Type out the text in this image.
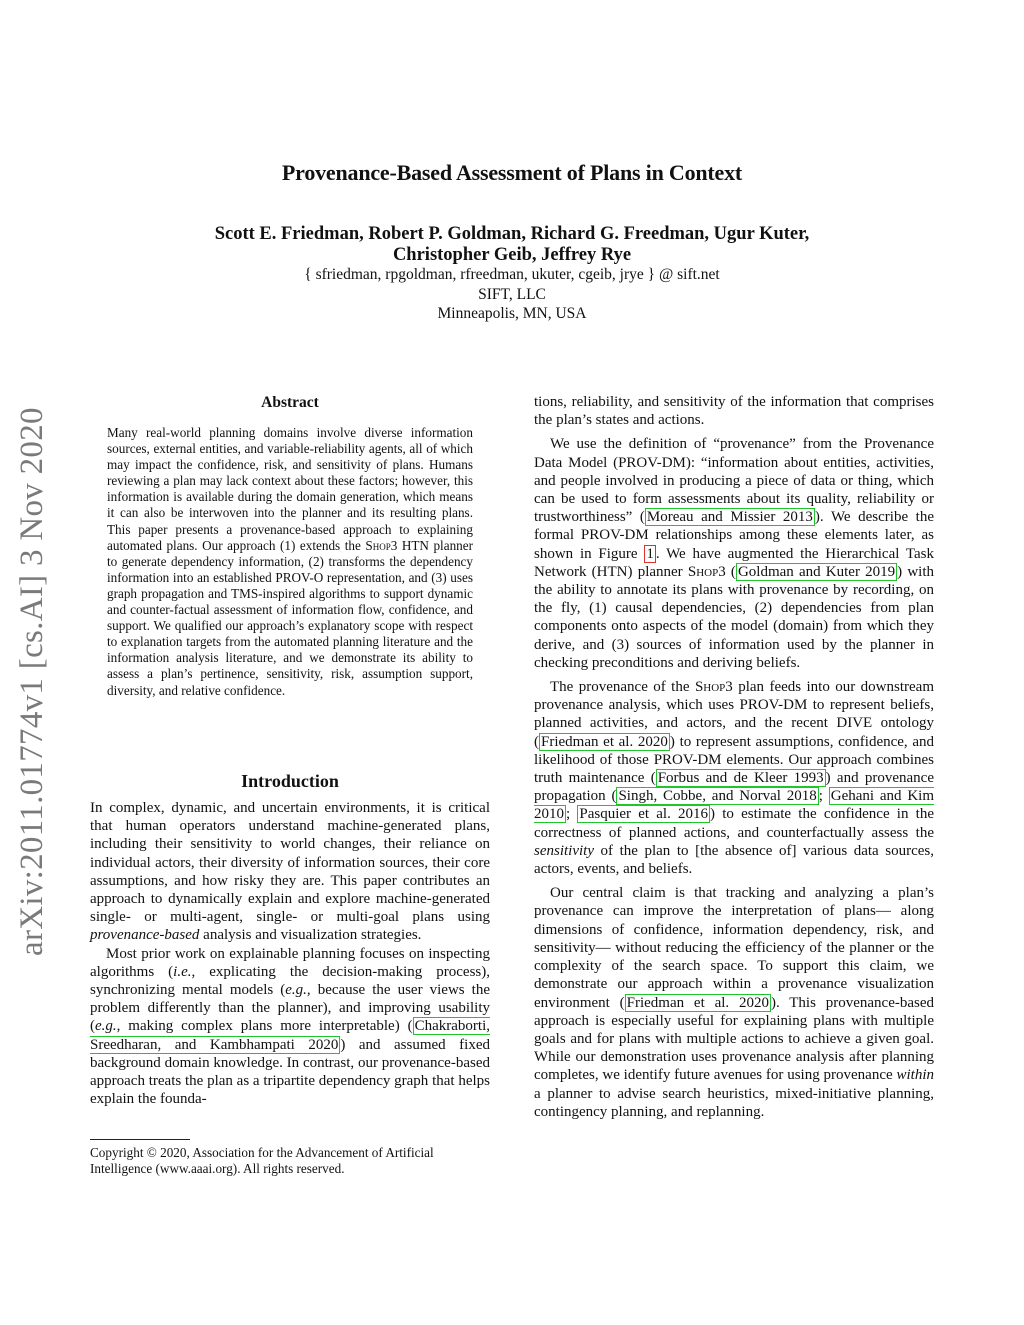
Provenance-Based Assessment of Plans in Context
Scott E. Friedman, Robert P. Goldman, Richard G. Freedman, Ugur Kuter,
Christopher Geib, Jeffrey Rye
{ sfriedman, rpgoldman, rfreedman, ukuter, cgeib, jrye } @ sift.net
SIFT, LLC
Minneapolis, MN, USA
arXiv:2011.01774v1 [cs.AI] 3 Nov 2020
Abstract
Many real-world planning domains involve diverse information sources, external entities, and variable-reliability agents, all of which may impact the confidence, risk, and sensitivity of plans. Humans reviewing a plan may lack context about these factors; however, this information is available during the domain generation, which means it can also be interwoven into the planner and its resulting plans. This paper presents a provenance-based approach to explaining automated plans. Our approach (1) extends the Shop3 HTN planner to generate dependency information, (2) transforms the dependency information into an established PROV-O representation, and (3) uses graph propagation and TMS-inspired algorithms to support dynamic and counter-factual assessment of information flow, confidence, and support. We qualified our approach’s explanatory scope with respect to explanation targets from the automated planning literature and the information analysis literature, and we demonstrate its ability to assess a plan’s pertinence, sensitivity, risk, assumption support, diversity, and relative confidence.
Introduction

In complex, dynamic, and uncertain environments, it is critical that human operators understand machine-generated plans, including their sensitivity to world changes, their reliance on individual actors, their diversity of information sources, their core assumptions, and how risky they are. This paper contributes an approach to dynamically explain and explore machine-generated single- or multi-agent, single- or multi-goal plans using provenance-based analysis and visualization strategies.

Most prior work on explainable planning focuses on inspecting algorithms (i.e., explicating the decision-making process), synchronizing mental models (e.g., because the user views the problem differently than the planner), and improving usability (e.g., making complex plans more interpretable) ( Chakraborti, Sreedharan, and Kambhampati 2020 ) and assumed fixed background domain knowledge. In contrast, our provenance-based approach treats the plan as a tripartite dependency graph that helps explain the founda-

Copyright © 2020, Association for the Advancement of Artificial Intelligence (www.aaai.org). All rights reserved.

tions, reliability, and sensitivity of the information that comprises the plan’s states and actions.

We use the definition of “provenance” from the Provenance Data Model (PROV-DM): “information about entities, activities, and people involved in producing a piece of data or thing, which can be used to form assessments about its quality, reliability or trustworthiness” ( Moreau and Missier 2013 ). We describe the formal PROV-DM relationships among these elements later, as shown in Figure 1 . We have augmented the Hierarchical Task Network (HTN) planner Shop3 ( Goldman and Kuter 2019 ) with the ability to annotate its plans with provenance by recording, on the fly, (1) causal dependencies, (2) dependencies from plan components onto aspects of the model (domain) from which they derive, and (3) sources of information used by the planner in checking preconditions and deriving beliefs.

The provenance of the Shop3 plan feeds into our downstream provenance analysis, which uses PROV-DM to represent beliefs, planned activities, and actors, and the recent DIVE ontology ( Friedman et al. 2020 ) to represent assumptions, confidence, and likelihood of those PROV-DM elements. Our approach combines truth maintenance ( Forbus and de Kleer 1993 ) and provenance propagation ( Singh, Cobbe, and Norval 2018 ; Gehani and Kim 2010 ; Pasquier et al. 2016 ) to estimate the confidence in the correctness of planned actions, and counterfactually assess the sensitivity of the plan to [the absence of] various data sources, actors, events, and beliefs.

Our central claim is that tracking and analyzing a plan’s provenance can improve the interpretation of plans— along dimensions of confidence, information dependency, risk, and sensitivity— without reducing the efficiency of the planner or the complexity of the search space. To support this claim, we demonstrate our approach within a provenance visualization environment ( Friedman et al. 2020 ). This provenance-based approach is especially useful for explaining plans with multiple goals and for plans with multiple actions to achieve a given goal. While our demonstration uses provenance analysis after planning completes, we identify future avenues for using provenance within a planner to advise search heuristics, mixed-initiative planning, contingency planning, and replanning.
